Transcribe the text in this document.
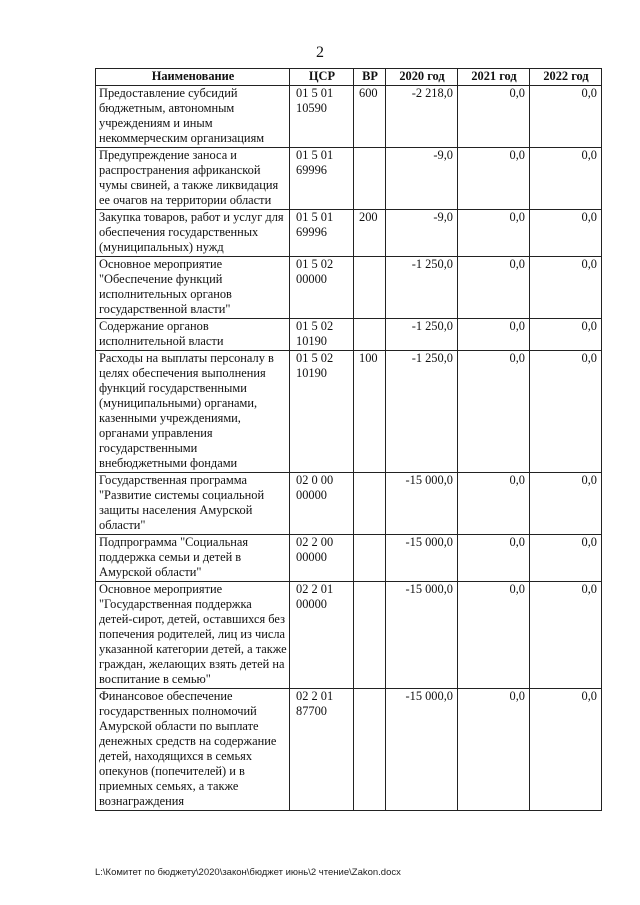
2
Наименование	ЦСР	ВР	2020 год	2021 год	2022 год
Предоставление субсидий бюджетным, автономным учреждениям и иным некоммерческим организациям	01 5 01 10590	600	-2 218,0	0,0	0,0
Предупреждение заноса и распространения африканской чумы свиней, а также ликвидация ее очагов на территории области	01 5 01 69996		-9,0	0,0	0,0
Закупка товаров, работ и услуг для обеспечения государственных (муниципальных) нужд	01 5 01 69996	200	-9,0	0,0	0,0
Основное мероприятие "Обеспечение функций исполнительных органов государственной власти"	01 5 02 00000		-1 250,0	0,0	0,0
Содержание органов исполнительной власти	01 5 02 10190		-1 250,0	0,0	0,0
Расходы на выплаты персоналу в целях обеспечения выполнения функций государственными (муниципальными) органами, казенными учреждениями, органами управления государственными внебюджетными фондами	01 5 02 10190	100	-1 250,0	0,0	0,0
Государственная программа "Развитие системы социальной защиты населения Амурской области"	02 0 00 00000		-15 000,0	0,0	0,0
Подпрограмма "Социальная поддержка семьи и детей в Амурской области"	02 2 00 00000		-15 000,0	0,0	0,0
Основное мероприятие "Государственная поддержка детей-сирот, детей, оставшихся без попечения родителей, лиц из числа указанной категории детей, а также граждан, желающих взять детей на воспитание в семью"	02 2 01 00000		-15 000,0	0,0	0,0
Финансовое обеспечение государственных полномочий Амурской области по выплате денежных средств на содержание детей, находящихся в семьях опекунов (попечителей) и в приемных семьях, а также вознаграждения	02 2 01 87700		-15 000,0	0,0	0,0
L:\Комитет по бюджету\2020\закон\бюджет июнь\2 чтение\Zakon.docx
